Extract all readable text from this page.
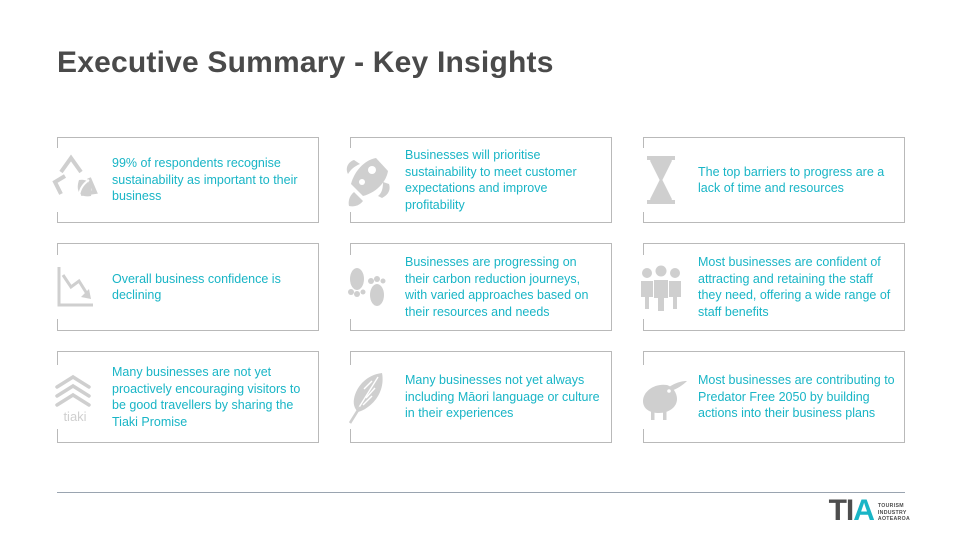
Executive Summary - Key Insights
99% of respondents recognise sustainability as important to their business
Businesses will prioritise sustainability to meet customer expectations and improve profitability
The top barriers to progress are a lack of time and resources
Overall business confidence is declining
Businesses are progressing on their carbon reduction journeys, with varied approaches based on their resources and needs
Most businesses are confident of attracting and retaining the staff they need, offering a wide range of staff benefits
tiaki
Many businesses are not yet proactively encouraging visitors to be good travellers by sharing the Tiaki Promise
Many businesses not yet always including Māori language or culture in their experiences
Most businesses are contributing to Predator Free 2050 by building actions into their business plans
TIA TOURISM
INDUSTRY
AOTEAROA
